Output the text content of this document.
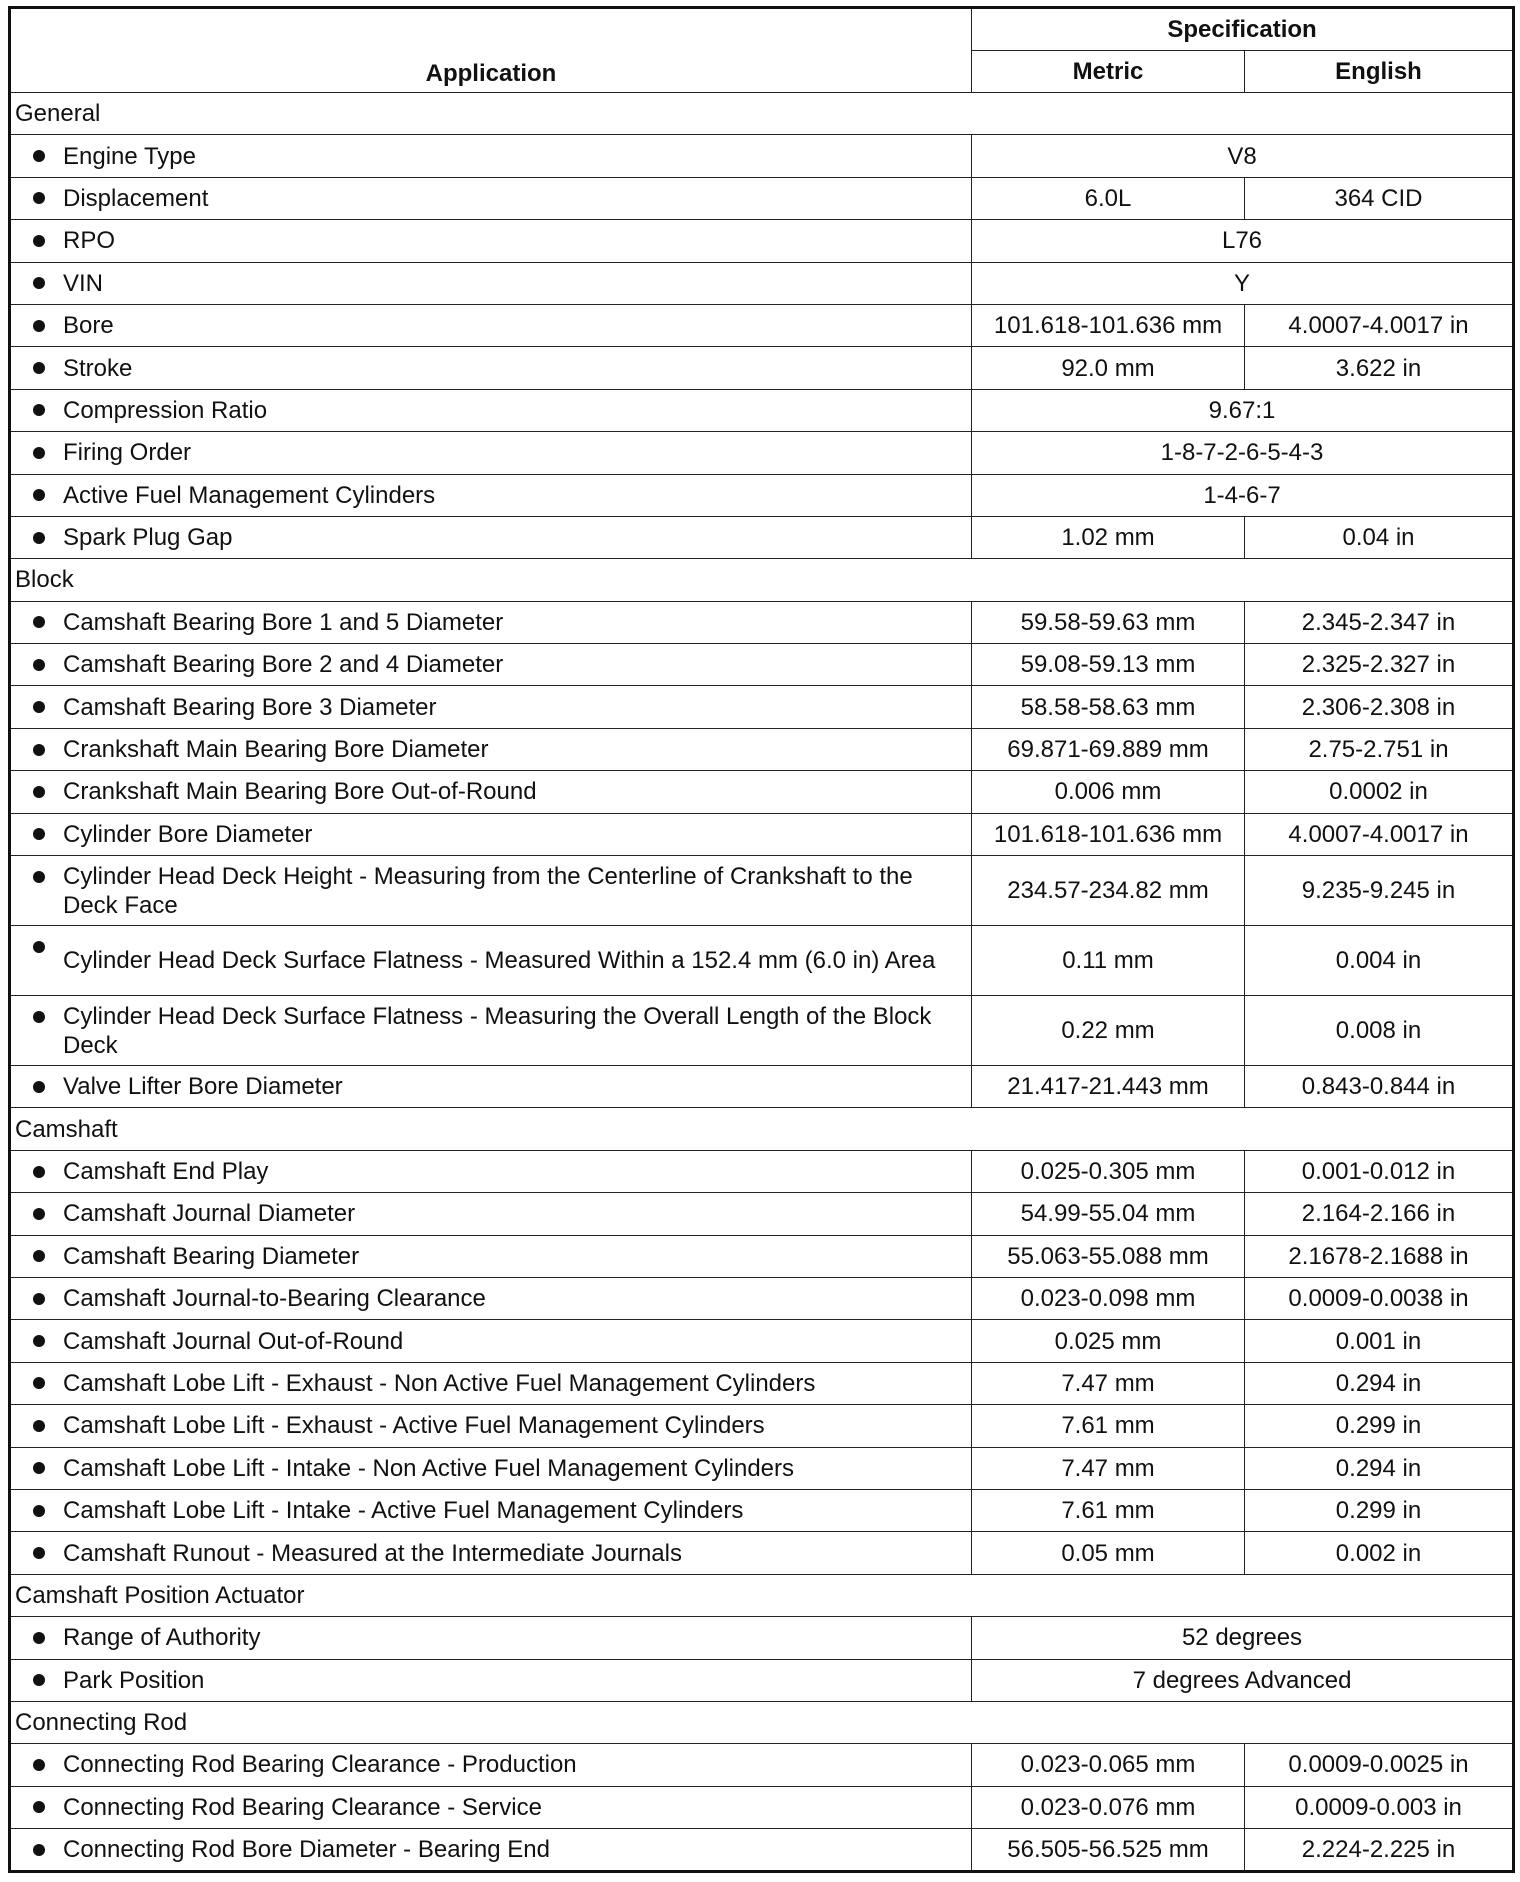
Application	Specification	
	Metric	English
General		

Engine Type	V8	

Displacement	6.0L	364 CID

RPO	L76	

VIN	Y	

Bore	101.618-101.636 mm	4.0007-4.0017 in

Stroke	92.0 mm	3.622 in

Compression Ratio	9.67:1	

Firing Order	1-8-7-2-6-5-4-3	

Active Fuel Management Cylinders	1-4-6-7	

Spark Plug Gap	1.02 mm	0.04 in
Block		

Camshaft Bearing Bore 1 and 5 Diameter	59.58-59.63 mm	2.345-2.347 in

Camshaft Bearing Bore 2 and 4 Diameter	59.08-59.13 mm	2.325-2.327 in

Camshaft Bearing Bore 3 Diameter	58.58-58.63 mm	2.306-2.308 in

Crankshaft Main Bearing Bore Diameter	69.871-69.889 mm	2.75-2.751 in

Crankshaft Main Bearing Bore Out-of-Round	0.006 mm	0.0002 in

Cylinder Bore Diameter	101.618-101.636 mm	4.0007-4.0017 in

Cylinder Head Deck Height - Measuring from the Centerline of Crankshaft to the Deck Face	234.57-234.82 mm	9.235-9.245 in

Cylinder Head Deck Surface Flatness - Measured Within a 152.4 mm (6.0 in) Area	0.11 mm	0.004 in

Cylinder Head Deck Surface Flatness - Measuring the Overall Length of the Block Deck	0.22 mm	0.008 in

Valve Lifter Bore Diameter	21.417-21.443 mm	0.843-0.844 in
Camshaft		

Camshaft End Play	0.025-0.305 mm	0.001-0.012 in

Camshaft Journal Diameter	54.99-55.04 mm	2.164-2.166 in

Camshaft Bearing Diameter	55.063-55.088 mm	2.1678-2.1688 in

Camshaft Journal-to-Bearing Clearance	0.023-0.098 mm	0.0009-0.0038 in

Camshaft Journal Out-of-Round	0.025 mm	0.001 in

Camshaft Lobe Lift - Exhaust - Non Active Fuel Management Cylinders	7.47 mm	0.294 in

Camshaft Lobe Lift - Exhaust - Active Fuel Management Cylinders	7.61 mm	0.299 in

Camshaft Lobe Lift - Intake - Non Active Fuel Management Cylinders	7.47 mm	0.294 in

Camshaft Lobe Lift - Intake - Active Fuel Management Cylinders	7.61 mm	0.299 in

Camshaft Runout - Measured at the Intermediate Journals	0.05 mm	0.002 in
Camshaft Position Actuator		

Range of Authority	52 degrees	

Park Position	7 degrees Advanced	
Connecting Rod		

Connecting Rod Bearing Clearance - Production	0.023-0.065 mm	0.0009-0.0025 in

Connecting Rod Bearing Clearance - Service	0.023-0.076 mm	0.0009-0.003 in

Connecting Rod Bore Diameter - Bearing End	56.505-56.525 mm	2.224-2.225 in
